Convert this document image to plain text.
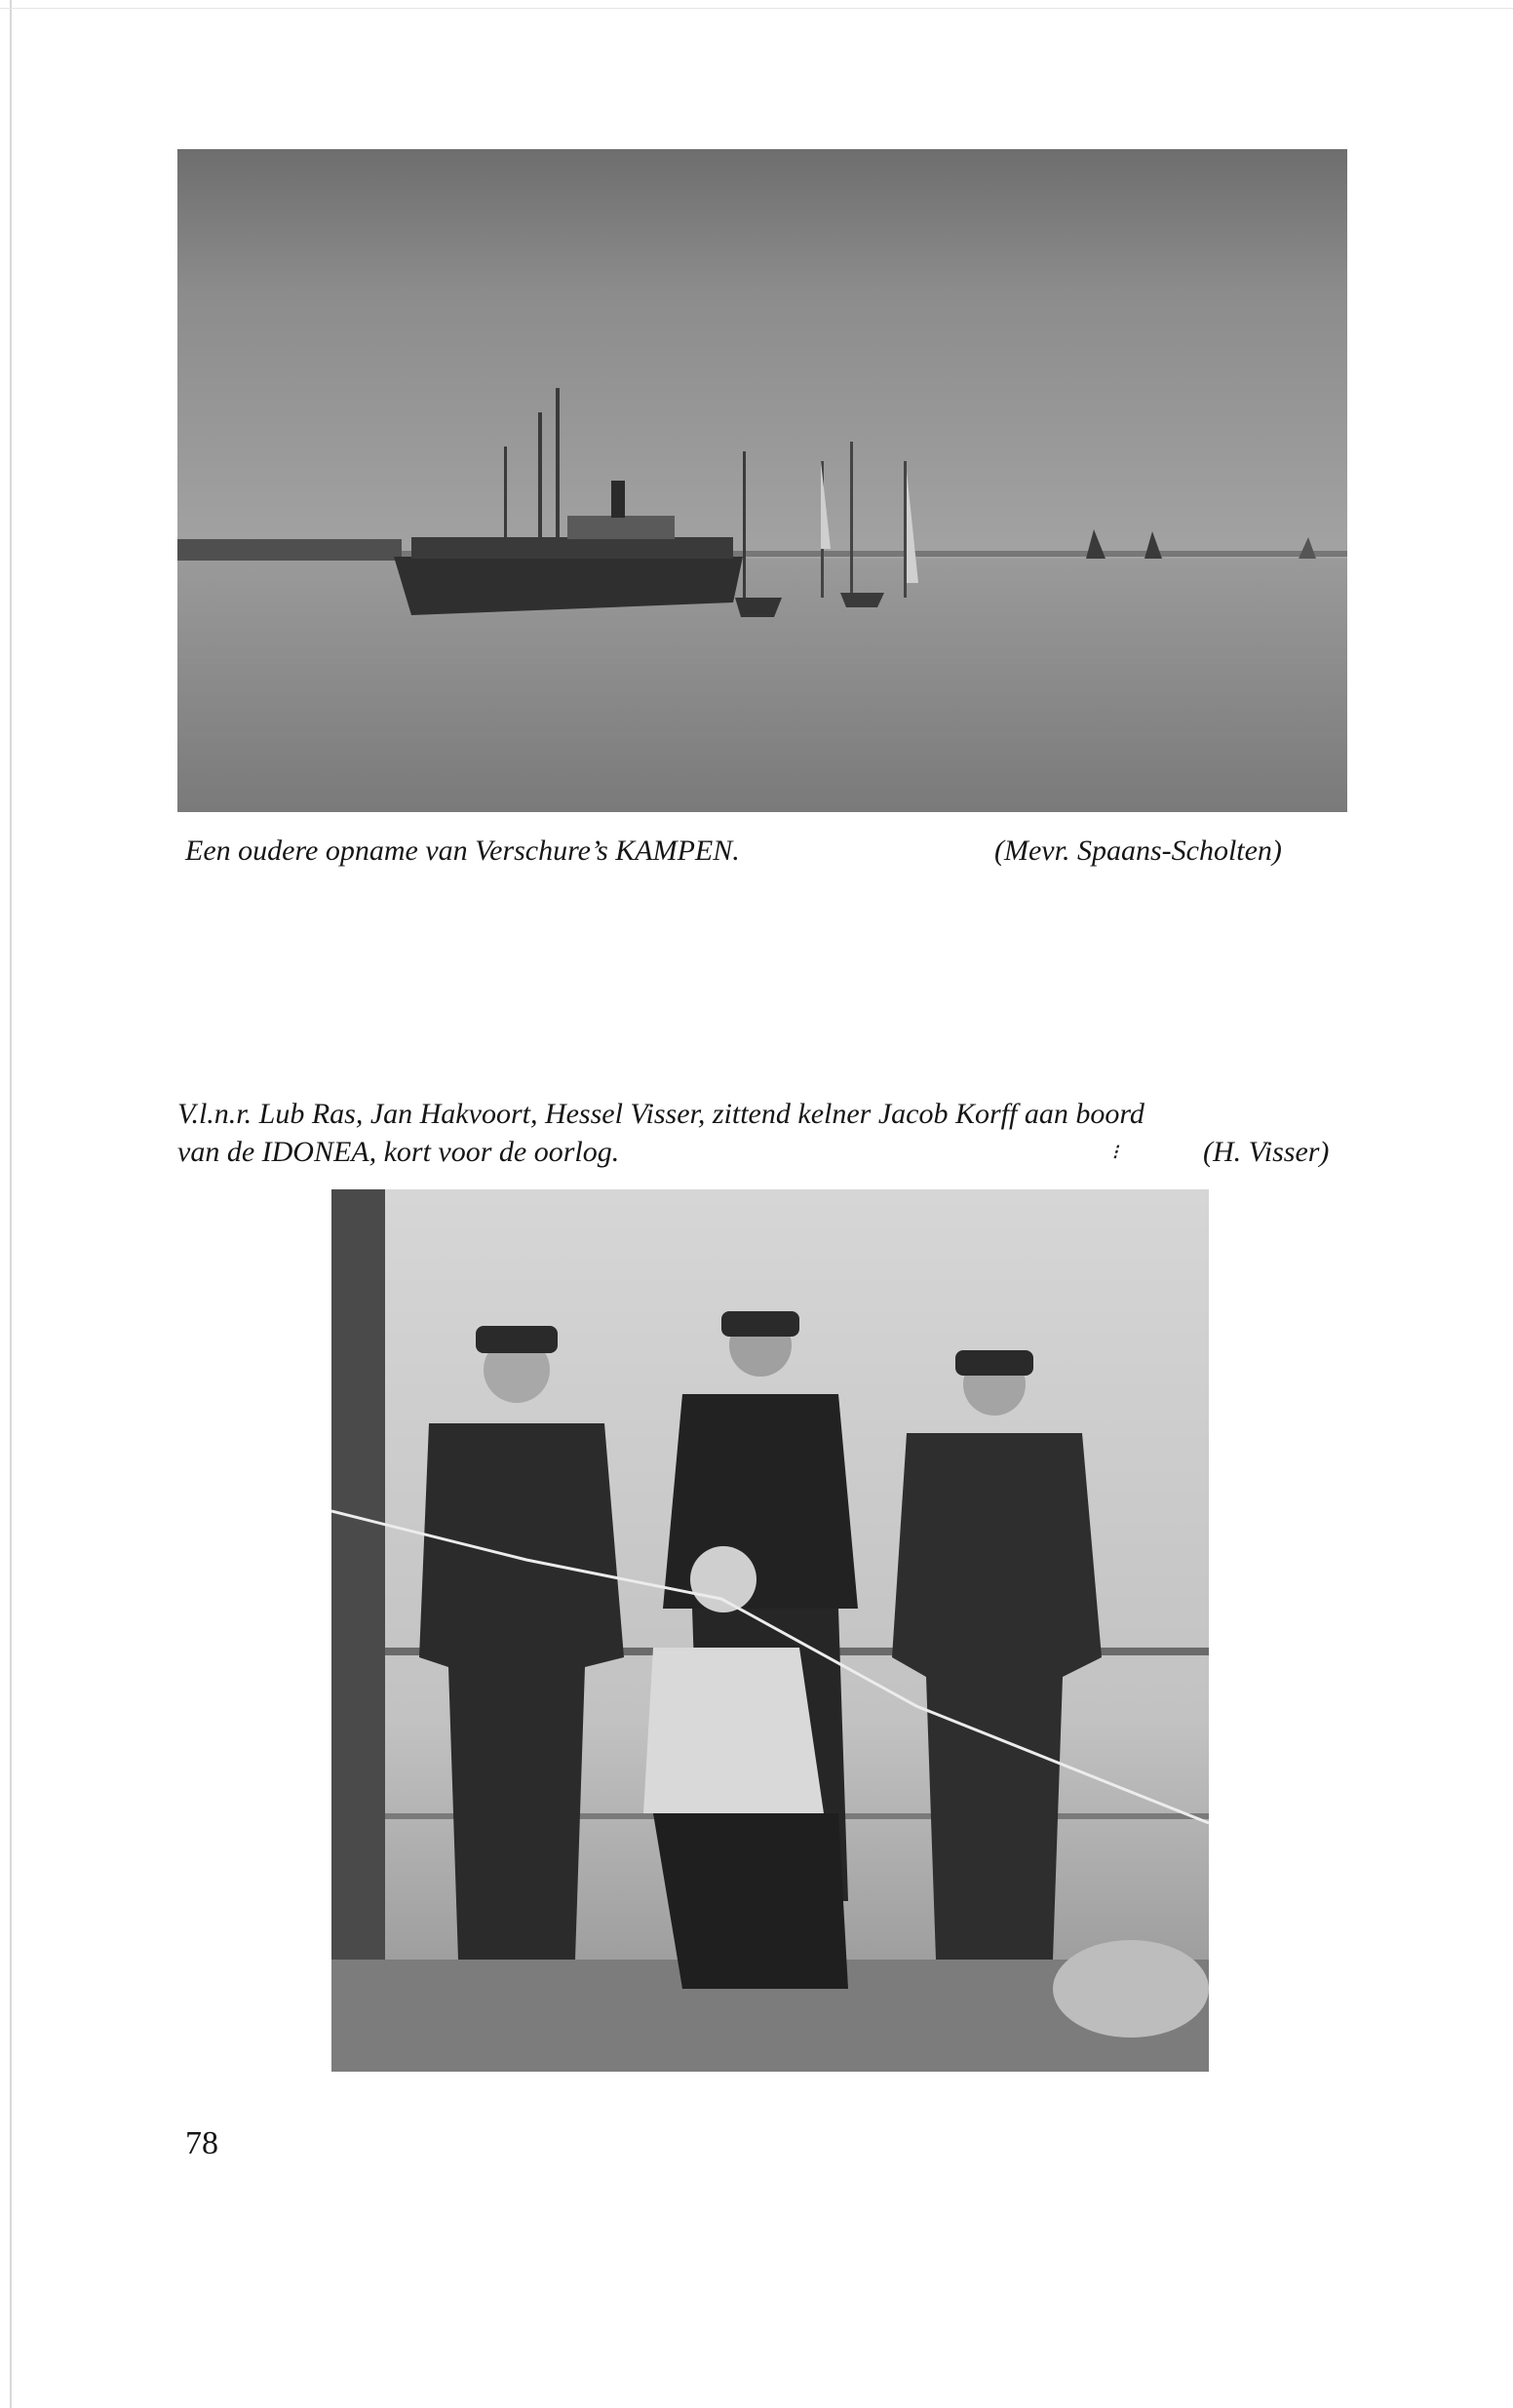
Een oudere opname van Verschure’s KAMPEN.	(Mevr. Spaans-Scholten)
V.l.n.r. Lub Ras, Jan Hakvoort, Hessel Visser, zittend kelner Jacob Korff aan boord
van de IDONEA, kort voor de oorlog.	⁝	(H. Visser)
78
